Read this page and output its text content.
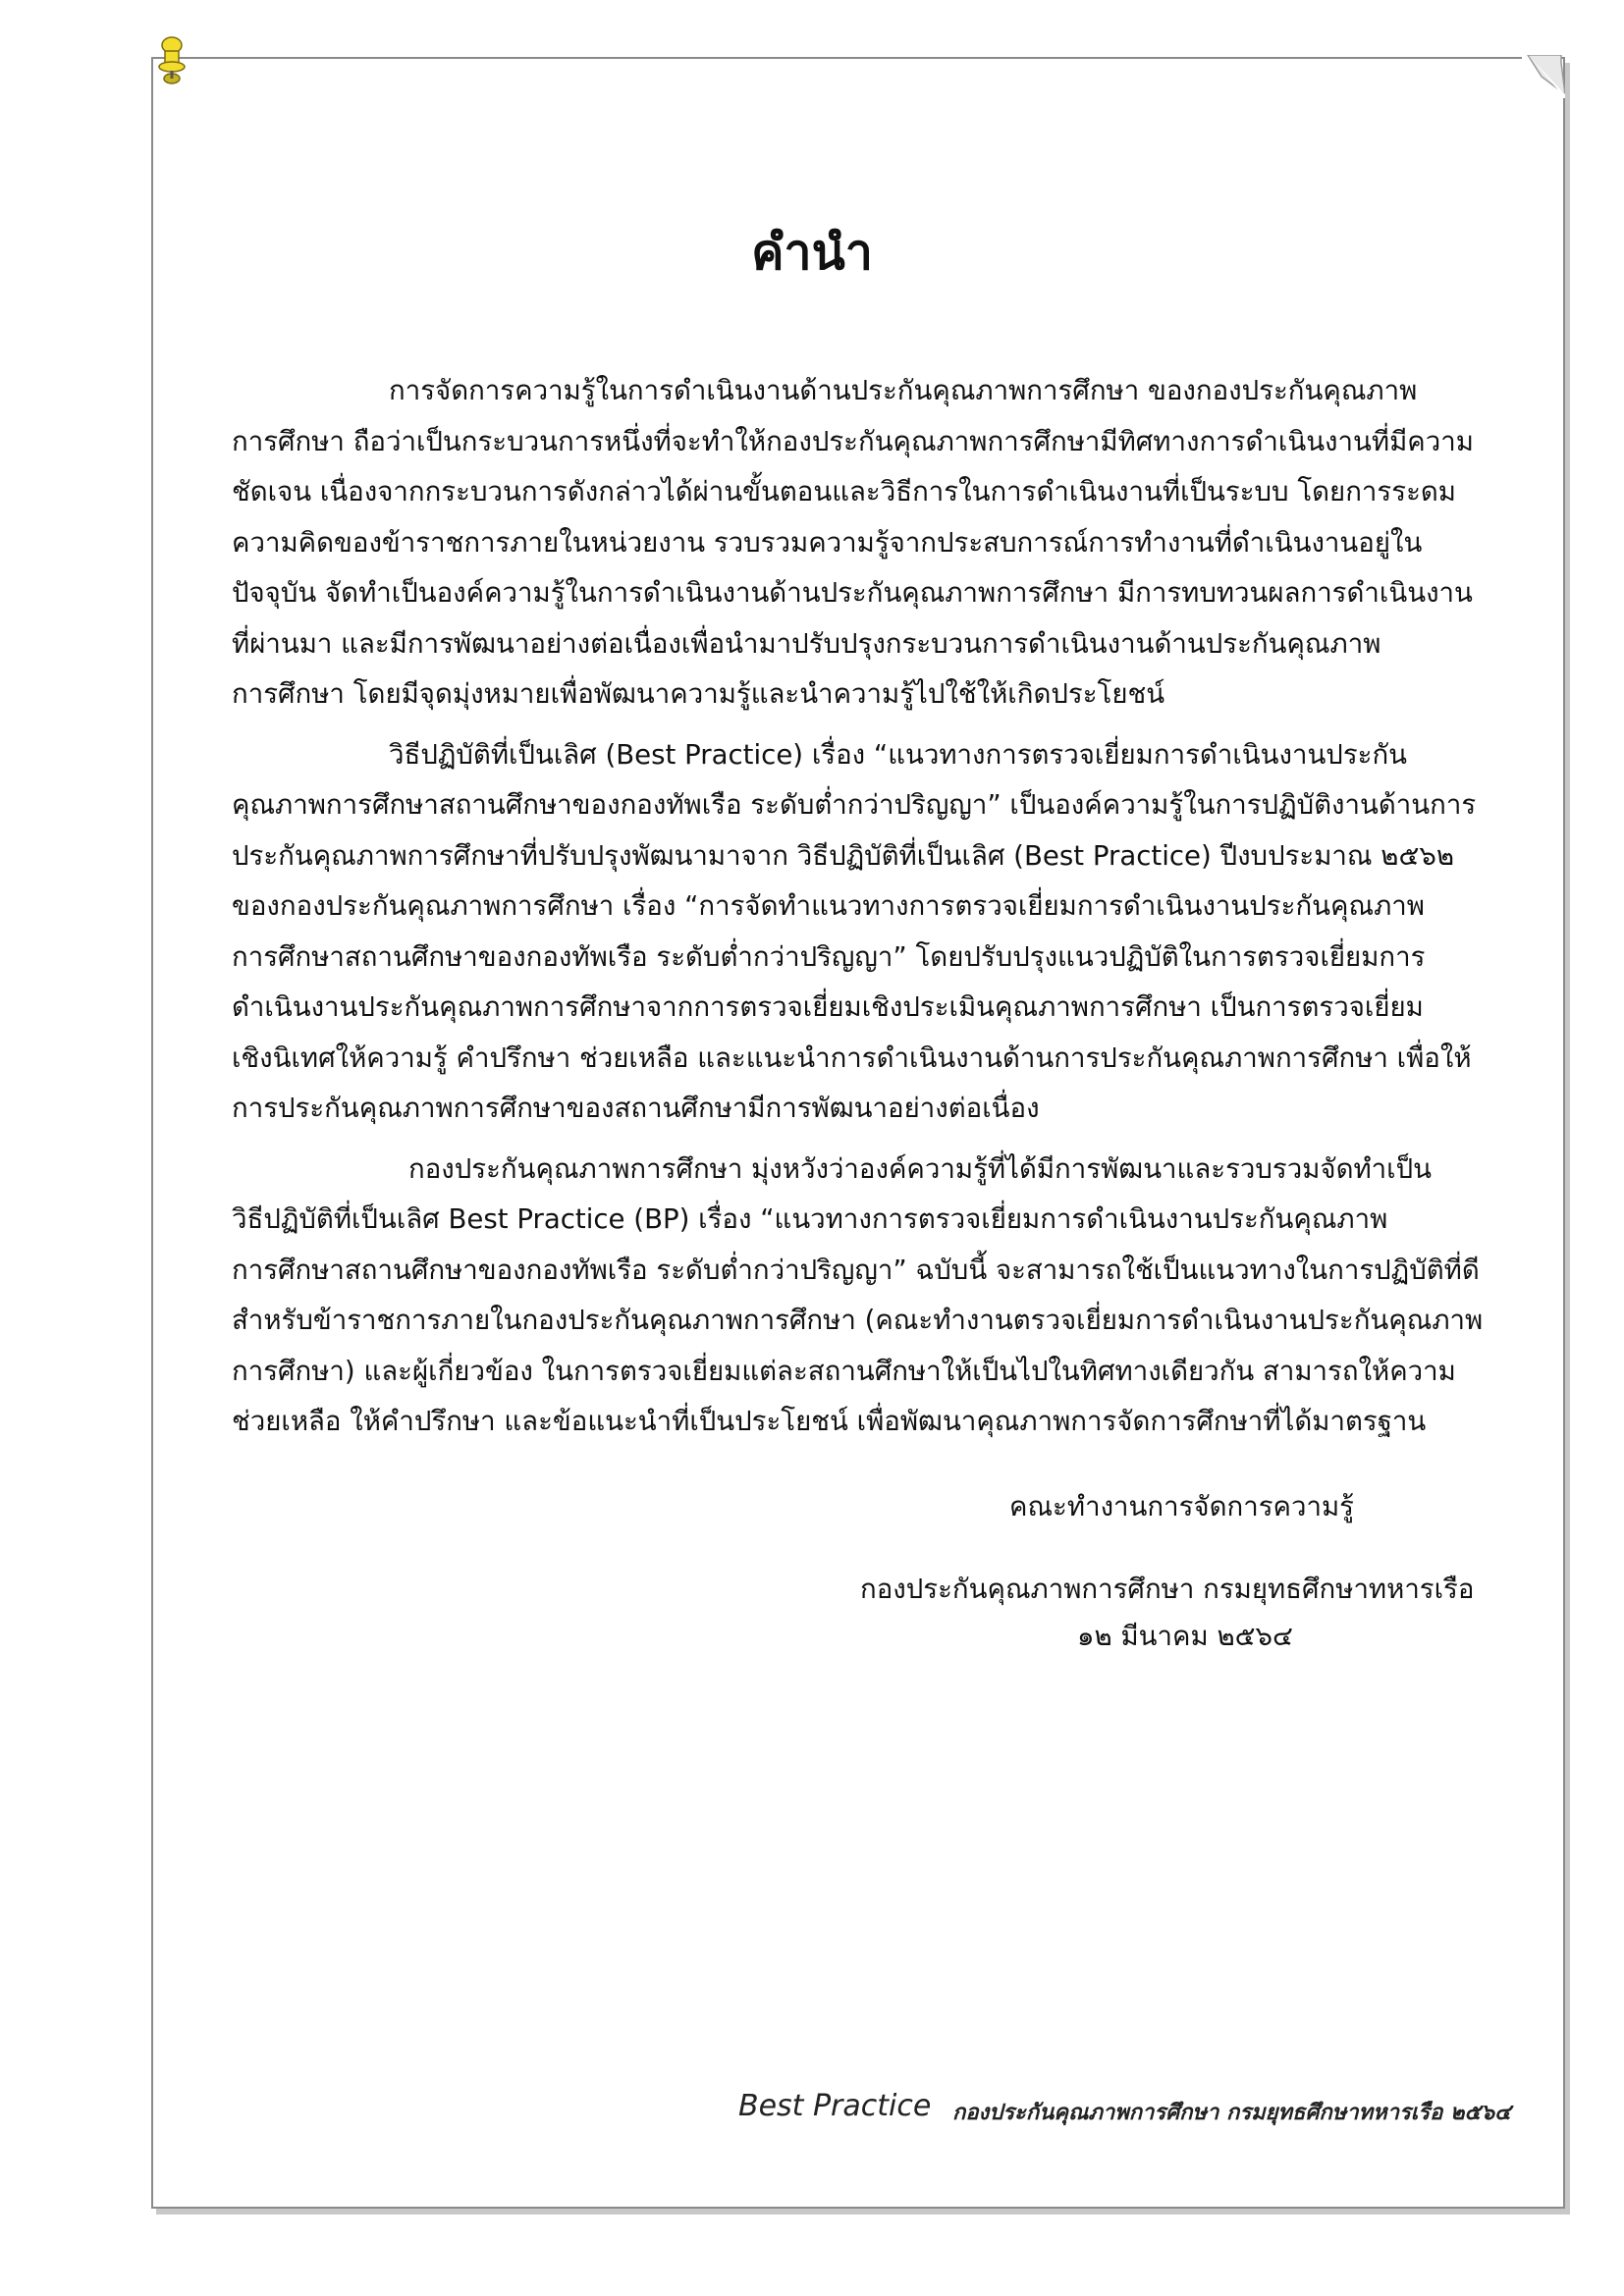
คำนำ

การจัดการความรู้ในการดำเนินงานด้านประกันคุณภาพการศึกษา ของกองประกันคุณภาพ
การศึกษา ถือว่าเป็นกระบวนการหนึ่งที่จะทำให้กองประกันคุณภาพการศึกษามีทิศทางการดำเนินงานที่มีความ
ชัดเจน เนื่องจากกระบวนการดังกล่าวได้ผ่านขั้นตอนและวิธีการในการดำเนินงานที่เป็นระบบ โดยการระดม
ความคิดของข้าราชการภายในหน่วยงาน รวบรวมความรู้จากประสบการณ์การทำงานที่ดำเนินงานอยู่ใน
ปัจจุบัน จัดทำเป็นองค์ความรู้ในการดำเนินงานด้านประกันคุณภาพการศึกษา มีการทบทวนผลการดำเนินงาน
ที่ผ่านมา และมีการพัฒนาอย่างต่อเนื่องเพื่อนำมาปรับปรุงกระบวนการดำเนินงานด้านประกันคุณภาพ
การศึกษา โดยมีจุดมุ่งหมายเพื่อพัฒนาความรู้และนำความรู้ไปใช้ให้เกิดประโยชน์

วิธีปฏิบัติที่เป็นเลิศ (Best Practice) เรื่อง “แนวทางการตรวจเยี่ยมการดำเนินงานประกัน
คุณภาพการศึกษาสถานศึกษาของกองทัพเรือ ระดับต่ำกว่าปริญญา” เป็นองค์ความรู้ในการปฏิบัติงานด้านการ
ประกันคุณภาพการศึกษาที่ปรับปรุงพัฒนามาจาก วิธีปฏิบัติที่เป็นเลิศ (Best Practice) ปีงบประมาณ ๒๕๖๒
ของกองประกันคุณภาพการศึกษา เรื่อง “การจัดทำแนวทางการตรวจเยี่ยมการดำเนินงานประกันคุณภาพ
การศึกษาสถานศึกษาของกองทัพเรือ ระดับต่ำกว่าปริญญา” โดยปรับปรุงแนวปฏิบัติในการตรวจเยี่ยมการ
ดำเนินงานประกันคุณภาพการศึกษาจากการตรวจเยี่ยมเชิงประเมินคุณภาพการศึกษา เป็นการตรวจเยี่ยม
เชิงนิเทศให้ความรู้ คำปรึกษา ช่วยเหลือ และแนะนำการดำเนินงานด้านการประกันคุณภาพการศึกษา เพื่อให้
การประกันคุณภาพการศึกษาของสถานศึกษามีการพัฒนาอย่างต่อเนื่อง

กองประกันคุณภาพการศึกษา มุ่งหวังว่าองค์ความรู้ที่ได้มีการพัฒนาและรวบรวมจัดทำเป็น
วิธีปฏิบัติที่เป็นเลิศ Best Practice (BP) เรื่อง “แนวทางการตรวจเยี่ยมการดำเนินงานประกันคุณภาพ
การศึกษาสถานศึกษาของกองทัพเรือ ระดับต่ำกว่าปริญญา” ฉบับนี้ จะสามารถใช้เป็นแนวทางในการปฏิบัติที่ดี
สำหรับข้าราชการภายในกองประกันคุณภาพการศึกษา (คณะทำงานตรวจเยี่ยมการดำเนินงานประกันคุณภาพ
การศึกษา) และผู้เกี่ยวข้อง ในการตรวจเยี่ยมแต่ละสถานศึกษาให้เป็นไปในทิศทางเดียวกัน สามารถให้ความ
ช่วยเหลือ ให้คำปรึกษา และข้อแนะนำที่เป็นประโยชน์ เพื่อพัฒนาคุณภาพการจัดการศึกษาที่ได้มาตรฐาน

คณะทำงานการจัดการความรู้
กองประกันคุณภาพการศึกษา กรมยุทธศึกษาทหารเรือ
๑๒ มีนาคม ๒๕๖๔
Best Practice กองประกันคุณภาพการศึกษา กรมยุทธศึกษาทหารเรือ ๒๕๖๔
